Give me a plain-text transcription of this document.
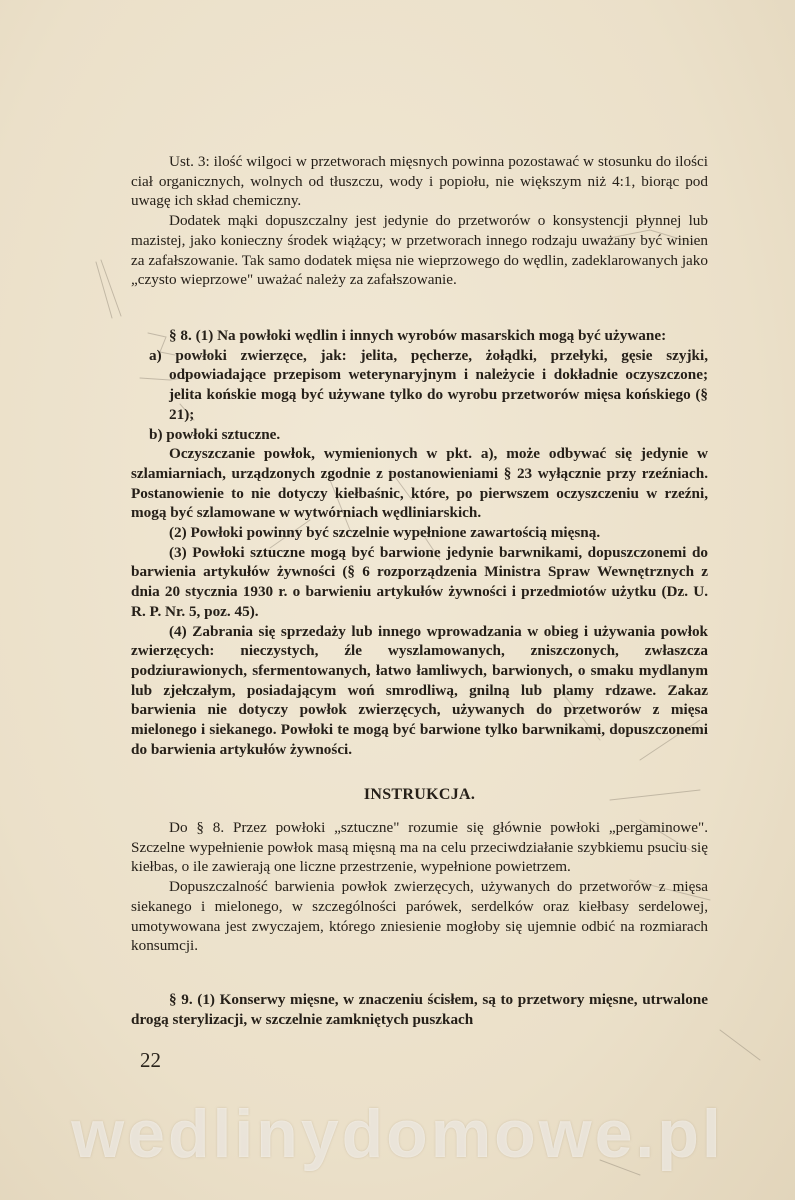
Ust. 3: ilość wilgoci w przetworach mięsnych powinna pozostawać w stosunku do ilości ciał organicznych, wolnych od tłuszczu, wody i popiołu, nie większym niż 4:1, biorąc pod uwagę ich skład chemiczny.

Dodatek mąki dopuszczalny jest jedynie do przetworów o konsystencji płynnej lub mazistej, jako konieczny środek wiążący; w przetworach innego rodzaju uważany być winien za zafałszowanie. Tak samo dodatek mięsa nie wieprzowego do wędlin, zadeklarowanych jako „czysto wieprzowe" uważać należy za zafałszowanie.

§ 8. (1) Na powłoki wędlin i innych wyrobów masarskich mogą być używane:

a) powłoki zwierzęce, jak: jelita, pęcherze, żołądki, przełyki, gęsie szyjki, odpowiadające przepisom weterynaryjnym i należycie i dokładnie oczyszczone; jelita końskie mogą być używane tylko do wyrobu przetworów mięsa końskiego (§ 21);

b) powłoki sztuczne.

Oczyszczanie powłok, wymienionych w pkt. a), może odbywać się jedynie w szlamiarniach, urządzonych zgodnie z postanowieniami § 23 wyłącznie przy rzeźniach. Postanowienie to nie dotyczy kiełbaśnic, które, po pierwszem oczyszczeniu w rzeźni, mogą być szlamowane w wytwórniach wędliniarskich.

(2) Powłoki powinny być szczelnie wypełnione zawartością mięsną.

(3) Powłoki sztuczne mogą być barwione jedynie barwnikami, dopuszczonemi do barwienia artykułów żywności (§ 6 rozporządzenia Ministra Spraw Wewnętrznych z dnia 20 stycznia 1930 r. o barwieniu artykułów żywności i przedmiotów użytku (Dz. U. R. P. Nr. 5, poz. 45).

(4) Zabrania się sprzedaży lub innego wprowadzania w obieg i używania powłok zwierzęcych: nieczystych, źle wyszlamowanych, zniszczonych, zwłaszcza podziurawionych, sfermentowanych, łatwo łamliwych, barwionych, o smaku mydlanym lub zjełczałym, posiadającym woń smrodliwą, gnilną lub plamy rdzawe. Zakaz barwienia nie dotyczy powłok zwierzęcych, używanych do przetworów z mięsa mielonego i siekanego. Powłoki te mogą być barwione tylko barwnikami, dopuszczonemi do barwienia artykułów żywności.

INSTRUKCJA.

Do § 8. Przez powłoki „sztuczne" rozumie się głównie powłoki „pergaminowe". Szczelne wypełnienie powłok masą mięsną ma na celu przeciwdziałanie szybkiemu psuciu się kiełbas, o ile zawierają one liczne przestrzenie, wypełnione powietrzem.

Dopuszczalność barwienia powłok zwierzęcych, używanych do przetworów z mięsa siekanego i mielonego, w szczególności parówek, serdelków oraz kiełbasy serdelowej, umotywowana jest zwyczajem, którego zniesienie mogłoby się ujemnie odbić na rozmiarach konsumcji.

§ 9. (1) Konserwy mięsne, w znaczeniu ścisłem, są to przetwory mięsne, utrwalone drogą sterylizacji, w szczelnie zamkniętych puszkach

22
wedlinydomowe.pl
